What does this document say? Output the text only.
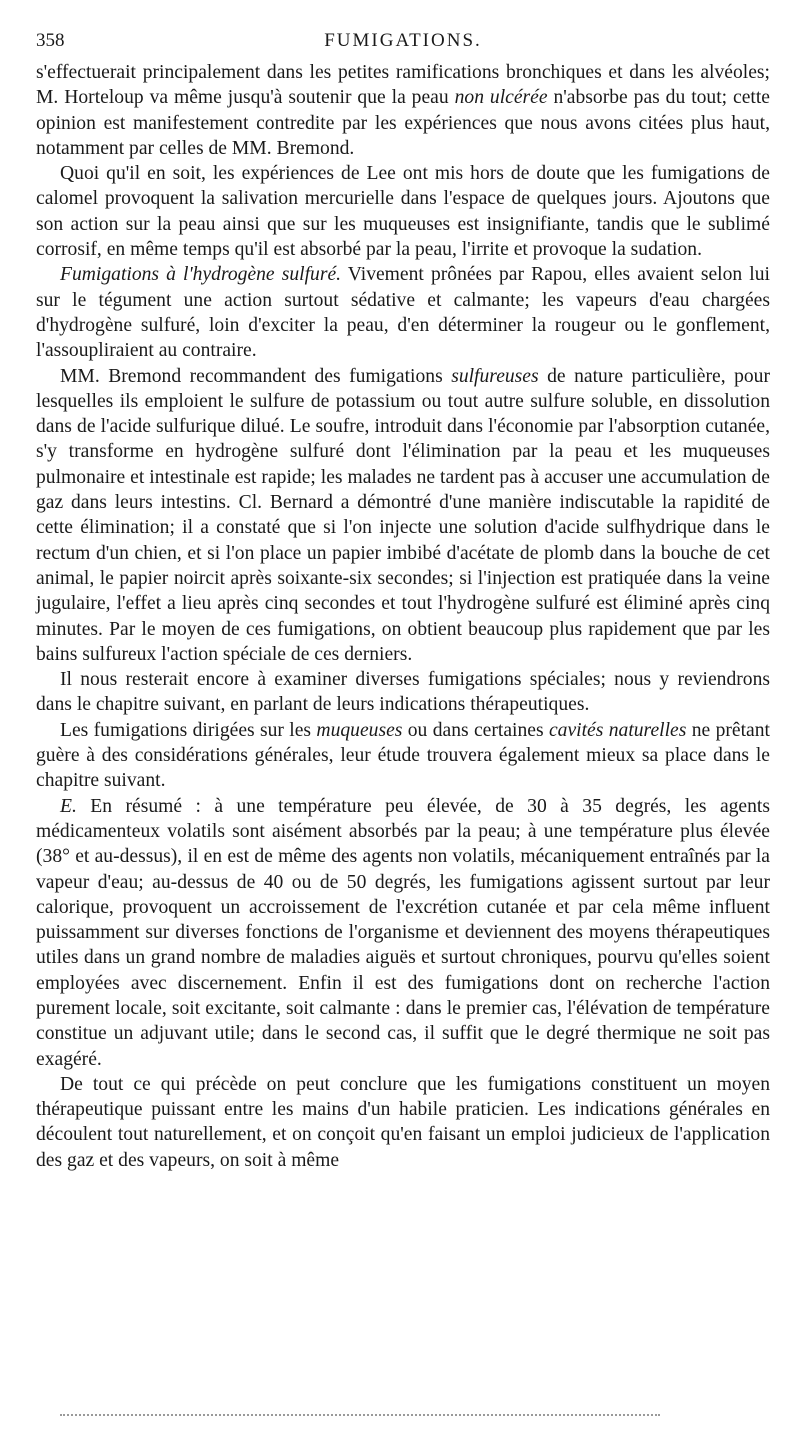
358	FUMIGATIONS.

s'effectuerait principalement dans les petites ramifications bronchiques et dans les alvéoles; M. Horteloup va même jusqu'à soutenir que la peau non ulcérée n'absorbe pas du tout; cette opinion est manifestement contredite par les expériences que nous avons citées plus haut, notamment par celles de MM. Bremond.

Quoi qu'il en soit, les expériences de Lee ont mis hors de doute que les fumigations de calomel provoquent la salivation mercurielle dans l'espace de quelques jours. Ajoutons que son action sur la peau ainsi que sur les muqueuses est insignifiante, tandis que le sublimé corrosif, en même temps qu'il est absorbé par la peau, l'irrite et provoque la sudation.

Fumigations à l'hydrogène sulfuré. Vivement prônées par Rapou, elles avaient selon lui sur le tégument une action surtout sédative et calmante; les vapeurs d'eau chargées d'hydrogène sulfuré, loin d'exciter la peau, d'en déterminer la rougeur ou le gonflement, l'assoupliraient au contraire.

MM. Bremond recommandent des fumigations sulfureuses de nature particulière, pour lesquelles ils emploient le sulfure de potassium ou tout autre sulfure soluble, en dissolution dans de l'acide sulfurique dilué. Le soufre, introduit dans l'économie par l'absorption cutanée, s'y transforme en hydrogène sulfuré dont l'élimination par la peau et les muqueuses pulmonaire et intestinale est rapide; les malades ne tardent pas à accuser une accumulation de gaz dans leurs intestins. Cl. Bernard a démontré d'une manière indiscutable la rapidité de cette élimination; il a constaté que si l'on injecte une solution d'acide sulfhydrique dans le rectum d'un chien, et si l'on place un papier imbibé d'acétate de plomb dans la bouche de cet animal, le papier noircit après soixante-six secondes; si l'injection est pratiquée dans la veine jugulaire, l'effet a lieu après cinq secondes et tout l'hydrogène sulfuré est éliminé après cinq minutes. Par le moyen de ces fumigations, on obtient beaucoup plus rapidement que par les bains sulfureux l'action spéciale de ces derniers.

Il nous resterait encore à examiner diverses fumigations spéciales; nous y reviendrons dans le chapitre suivant, en parlant de leurs indications thérapeutiques.

Les fumigations dirigées sur les muqueuses ou dans certaines cavités naturelles ne prêtant guère à des considérations générales, leur étude trouvera également mieux sa place dans le chapitre suivant.

E. En résumé : à une température peu élevée, de 30 à 35 degrés, les agents médicamenteux volatils sont aisément absorbés par la peau; à une température plus élevée (38° et au-dessus), il en est de même des agents non volatils, mécaniquement entraînés par la vapeur d'eau; au-dessus de 40 ou de 50 degrés, les fumigations agissent surtout par leur calorique, provoquent un accroissement de l'excrétion cutanée et par cela même influent puissamment sur diverses fonctions de l'organisme et deviennent des moyens thérapeutiques utiles dans un grand nombre de maladies aiguës et surtout chroniques, pourvu qu'elles soient employées avec discernement. Enfin il est des fumigations dont on recherche l'action purement locale, soit excitante, soit calmante : dans le premier cas, l'élévation de température constitue un adjuvant utile; dans le second cas, il suffit que le degré thermique ne soit pas exagéré.

De tout ce qui précède on peut conclure que les fumigations constituent un moyen thérapeutique puissant entre les mains d'un habile praticien. Les indications générales en découlent tout naturellement, et on conçoit qu'en faisant un emploi judicieux de l'application des gaz et des vapeurs, on soit à même
